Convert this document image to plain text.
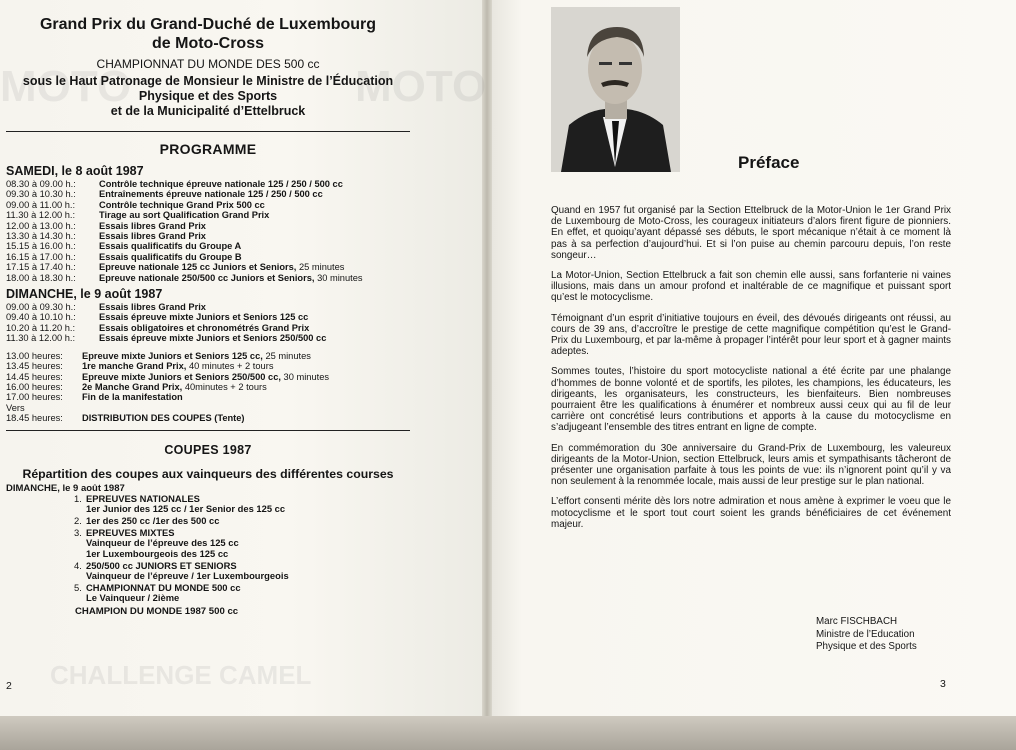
MOTO
MOTO
CHALLENGE CAMEL
Grand Prix du Grand-Duché de Luxembourg
de Moto-Cross
CHAMPIONNAT DU MONDE DES 500 cc
sous le Haut Patronage de Monsieur le Ministre de l’Éducation
Physique et des Sports
et de la Municipalité d’Ettelbruck
PROGRAMME
SAMEDI, le 8 août 1987
08.30 à 09.00 h.:	Contrôle technique épreuve nationale 125 / 250 / 500 cc
09.30 à 10.30 h.:	Entraînements épreuve nationale 125 / 250 / 500 cc
09.00 à 11.00 h.:	Contrôle technique Grand Prix 500 cc
11.30 à 12.00 h.:	Tirage au sort Qualification Grand Prix
12.00 à 13.00 h.:	Essais libres Grand Prix
13.30 à 14.30 h.:	Essais libres Grand Prix
15.15 à 16.00 h.:	Essais qualificatifs du Groupe A
16.15 à 17.00 h.:	Essais qualificatifs du Groupe B
17.15 à 17.40 h.:	Epreuve nationale 125 cc Juniors et Seniors, 25 minutes
18.00 à 18.30 h.:	Epreuve nationale 250/500 cc Juniors et Seniors, 30 minutes
DIMANCHE, le 9 août 1987
09.00 à 09.30 h.:	Essais libres Grand Prix
09.40 à 10.10 h.:	Essais épreuve mixte Juniors et Seniors 125 cc
10.20 à 11.20 h.:	Essais obligatoires et chronométrés Grand Prix
11.30 à 12.00 h.:	Essais épreuve mixte Juniors et Seniors 250/500 cc
13.00 heures:	Epreuve mixte Juniors et Seniors 125 cc, 25 minutes
13.45 heures:	1re manche Grand Prix, 40 minutes + 2 tours
14.45 heures:	Epreuve mixte Juniors et Seniors 250/500 cc, 30 minutes
16.00 heures:	2e Manche Grand Prix, 40minutes + 2 tours
17.00 heures:	Fin de la manifestation
Vers
18.45 heures:	DISTRIBUTION DES COUPES (Tente)
COUPES 1987
Répartition des coupes aux vainqueurs des différentes courses
DIMANCHE, le 9 août 1987
1. EPREUVES NATIONALES
1er Junior des 125 cc / 1er Senior des 125 cc
2. 1er des 250 cc /1er des 500 cc
3. EPREUVES MIXTES
Vainqueur de l’épreuve des 125 cc
1er Luxembourgeois des 125 cc
4. 250/500 cc JUNIORS ET SENIORS
Vainqueur de l’épreuve / 1er Luxembourgeois
5. CHAMPIONNAT DU MONDE 500 cc
Le Vainqueur / 2ième
CHAMPION DU MONDE 1987 500 cc
2
Préface

Quand en 1957 fut organisé par la Section Ettelbruck de la Motor-Union le 1er Grand Prix de Luxembourg de Moto-Cross, les courageux initiateurs d’alors firent figure de pionniers. En effet, et quoiqu’ayant dépassé ses débuts, le sport mécanique n’était à ce moment là pas à sa perfection d’aujourd’hui. Et si l’on puise au chemin parcouru depuis, l’on reste songeur…

La Motor-Union, Section Ettelbruck a fait son chemin elle aussi, sans forfanterie ni vaines illusions, mais dans un amour profond et inaltérable de ce magnifique et puissant sport qu’est le motocyclisme.

Témoignant d’un esprit d’initiative toujours en éveil, des dévoués dirigeants ont réussi, au cours de 39 ans, d’accroître le prestige de cette magnifique compétition qu’est le Grand-Prix du Luxembourg, et par la-même à propager l’intérêt pour leur sport et à gagner maints adeptes.

Sommes toutes, l’histoire du sport motocycliste national a été écrite par une phalange d’hommes de bonne volonté et de sportifs, les pilotes, les champions, les éducateurs, les dirigeants, les organisateurs, les constructeurs, les bienfaiteurs. Bien nombreuses pourraient être les qualifications à énumérer et nombreux aussi ceux qui au fil de leur carrière ont concrétisé leurs contributions et apports à la cause du motocyclisme en s’adjugeant l’ensemble des titres entrant en ligne de compte.

En commémoration du 30e anniversaire du Grand-Prix de Luxembourg, les valeureux dirigeants de la Motor-Union, section Ettelbruck, leurs amis et sympathisants tâcheront de présenter une organisation parfaite à tous les points de vue: ils n’ignorent point qu’il y va non seulement à la renommée locale, mais aussi de leur prestige sur le plan national.

L’effort consenti mérite dès lors notre admiration et nous amène à exprimer le voeu que le motocyclisme et le sport tout court soient les grands bénéficiaires de cet événement majeur.

Marc FISCHBACH
Ministre de l’Education
Physique et des Sports
3
